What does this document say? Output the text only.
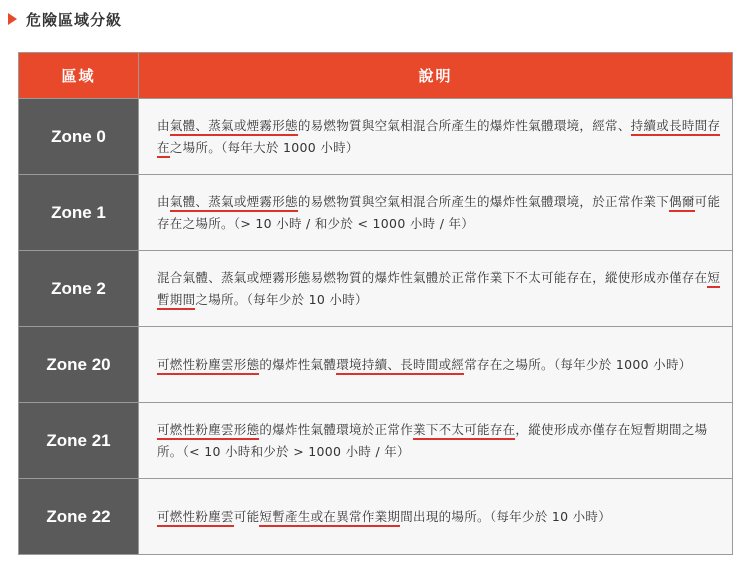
危險區域分級
區域	說明
Zone 0	由氣體、蒸氣或煙霧形態的易燃物質與空氣相混合所產生的爆炸性氣體環境，經常、持續或長時間存在之場所。（每年大於 1000 小時）
Zone 1	由氣體、蒸氣或煙霧形態的易燃物質與空氣相混合所產生的爆炸性氣體環境，於正常作業下偶爾可能存在之場所。（> 10 小時 / 和少於 < 1000 小時 / 年）
Zone 2	混合氣體、蒸氣或煙霧形態易燃物質的爆炸性氣體於正常作業下不太可能存在，縱使形成亦僅存在短暫期間之場所。（每年少於 10 小時）
Zone 20	可燃性粉塵雲形態的爆炸性氣體環境持續、長時間或經常存在之場所。（每年少於 1000 小時）
Zone 21	可燃性粉塵雲形態的爆炸性氣體環境於正常作業下不太可能存在，縱使形成亦僅存在短暫期間之場所。（< 10 小時和少於 > 1000 小時 / 年）
Zone 22	可燃性粉塵雲可能短暫產生或在異常作業期間出現的場所。（每年少於 10 小時）
